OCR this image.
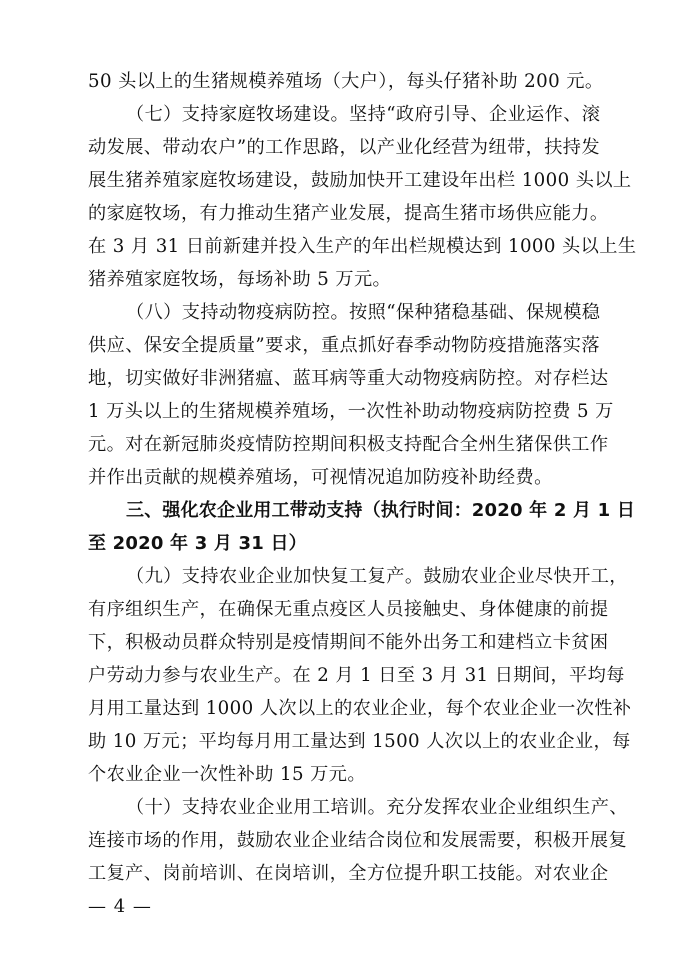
50 头以上的生猪规模养殖场（大户），每头仔猪补助 200 元。
（七）支持家庭牧场建设。坚持“政府引导、企业运作、滚
动发展、带动农户”的工作思路，以产业化经营为纽带，扶持发
展生猪养殖家庭牧场建设，鼓励加快开工建设年出栏 1000 头以上
的家庭牧场，有力推动生猪产业发展，提高生猪市场供应能力。
在 3 月 31 日前新建并投入生产的年出栏规模达到 1000 头以上生
猪养殖家庭牧场，每场补助 5 万元。
（八）支持动物疫病防控。按照“保种猪稳基础、保规模稳
供应、保安全提质量”要求，重点抓好春季动物防疫措施落实落
地，切实做好非洲猪瘟、蓝耳病等重大动物疫病防控。对存栏达
1 万头以上的生猪规模养殖场，一次性补助动物疫病防控费 5 万
元。对在新冠肺炎疫情防控期间积极支持配合全州生猪保供工作
并作出贡献的规模养殖场，可视情况追加防疫补助经费。
三、强化农企业用工带动支持（执行时间：2020 年 2 月 1 日
至 2020 年 3 月 31 日）
（九）支持农业企业加快复工复产。鼓励农业企业尽快开工，
有序组织生产，在确保无重点疫区人员接触史、身体健康的前提
下，积极动员群众特别是疫情期间不能外出务工和建档立卡贫困
户劳动力参与农业生产。在 2 月 1 日至 3 月 31 日期间，平均每
月用工量达到 1000 人次以上的农业企业，每个农业企业一次性补
助 10 万元；平均每月用工量达到 1500 人次以上的农业企业，每
个农业企业一次性补助 15 万元。
（十）支持农业企业用工培训。充分发挥农业企业组织生产、
— 4 —
连接市场的作用，鼓励农业企业结合岗位和发展需要，积极开展复
工复产、岗前培训、在岗培训，全方位提升职工技能。对农业企
